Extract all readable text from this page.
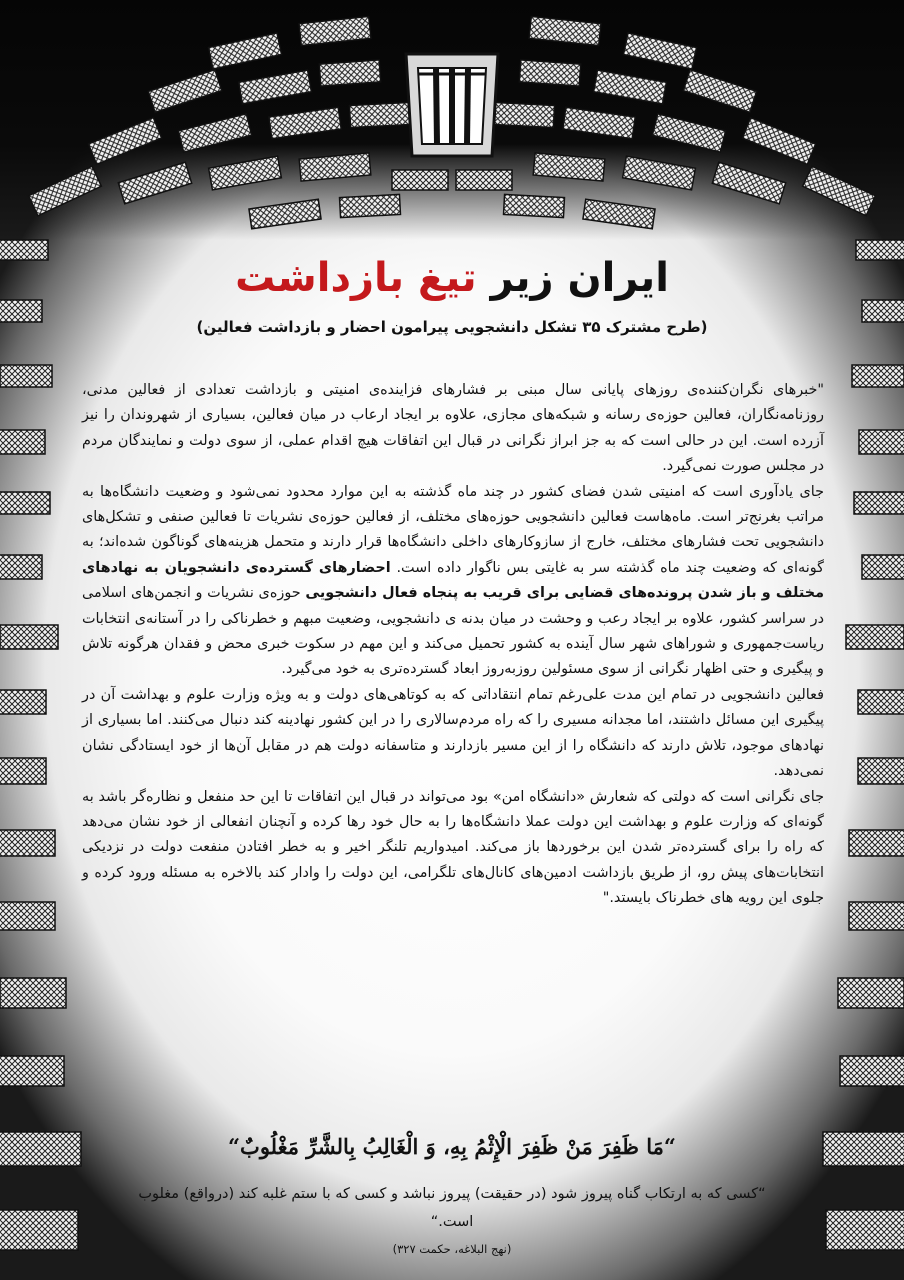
ایران زیر تیغ بازداشت
(طرح مشترک ۳۵ تشکل دانشجویی پیرامون احضار و بازداشت فعالین)

"خبرهای نگران‌کننده‌ی روزهای پایانی سال مبنی بر فشارهای فزاینده‌ی امنیتی و بازداشت تعدادی از فعالین مدنی، روزنامه‌نگاران، فعالین حوزه‌ی رسانه و شبکه‌های مجازی، علاوه بر ایجاد ارعاب در میان فعالین، بسیاری از شهروندان را نیز آزرده است. این در حالی است که به جز ابراز نگرانی در قبال این اتفاقات هیچ اقدام عملی، از سوی دولت و نمایندگان مردم در مجلس صورت نمی‌گیرد.

جای یادآوری است که امنیتی شدن فضای کشور در چند ماه گذشته به این موارد محدود نمی‌شود و وضعیت دانشگاه‌ها به مراتب بغرنج‌تر است. ماه‌هاست فعالین دانشجویی حوزه‌های مختلف، از فعالین حوزه‌ی نشریات تا فعالین صنفی و تشکل‌های دانشجویی تحت فشارهای مختلف، خارج از سازوکارهای داخلی دانشگاه‌ها قرار دارند و متحمل هزینه‌های گوناگون شده‌اند؛ به گونه‌ای که وضعیت چند ماه گذشته سر به غایتی بس ناگوار داده است. احضارهای گسترده‌ی دانشجویان به نهادهای مختلف و باز شدن پرونده‌های قضایی برای قریب به پنجاه فعال دانشجویی حوزه‌ی نشریات و انجمن‌های اسلامی در سراسر کشور، علاوه بر ایجاد رعب و وحشت در میان بدنه ی دانشجویی، وضعیت مبهم و خطرناکی را در آستانه‌ی انتخابات ریاست‌جمهوری و شوراهای شهر سال آینده به کشور تحمیل می‌کند و این مهم در سکوت خبری محض و فقدان هرگونه تلاش و پیگیری و حتی اظهار نگرانی از سوی مسئولین روزبه‌روز ابعاد گسترده‌تری به خود می‌گیرد.

فعالین دانشجویی در تمام این مدت علی‌رغم تمام انتقاداتی که به کوتاهی‌های دولت و به ویژه وزارت علوم و بهداشت آن در پیگیری این مسائل داشتند، اما مجدانه مسیری را که راه مردم‌سالاری را در این کشور نهادینه کند دنبال می‌کنند. اما بسیاری از نهادهای موجود، تلاش دارند که دانشگاه را از این مسیر بازدارند و متاسفانه دولت هم در مقابل آن‌ها از خود ایستادگی نشان نمی‌دهد.

جای نگرانی است که دولتی که شعارش «دانشگاه امن» بود می‌تواند در قبال این اتفاقات تا این حد منفعل و نظاره‌گر باشد به گونه‌ای که وزارت علوم و بهداشت این دولت عملا دانشگاه‌ها را به حال خود رها کرده و آنچنان انفعالی از خود نشان می‌دهد که راه را برای گسترده‌تر شدن این برخوردها باز می‌کند. امیدواریم تلنگر اخیر و به خطر افتادن منفعت دولت در نزدیکی انتخابات‌های پیش رو، از طریق بازداشت ادمین‌های کانال‌های تلگرامی، این دولت را وادار کند بالاخره به مسئله ورود کرده و جلوی این رویه های خطرناک بایستد."

“مَا ظَفِرَ مَنْ ظَفِرَ الْإِثْمُ بِهِ، وَ الْغَالِبُ بِالشَّرِّ مَغْلُوبٌ“
“کسی که به ارتکاب گناه پیروز شود (در حقیقت) پیروز نباشد و کسی که با ستم غلبه کند (درواقع) مغلوب است.“
(نهج البلاغه، حکمت ۳۲۷)
